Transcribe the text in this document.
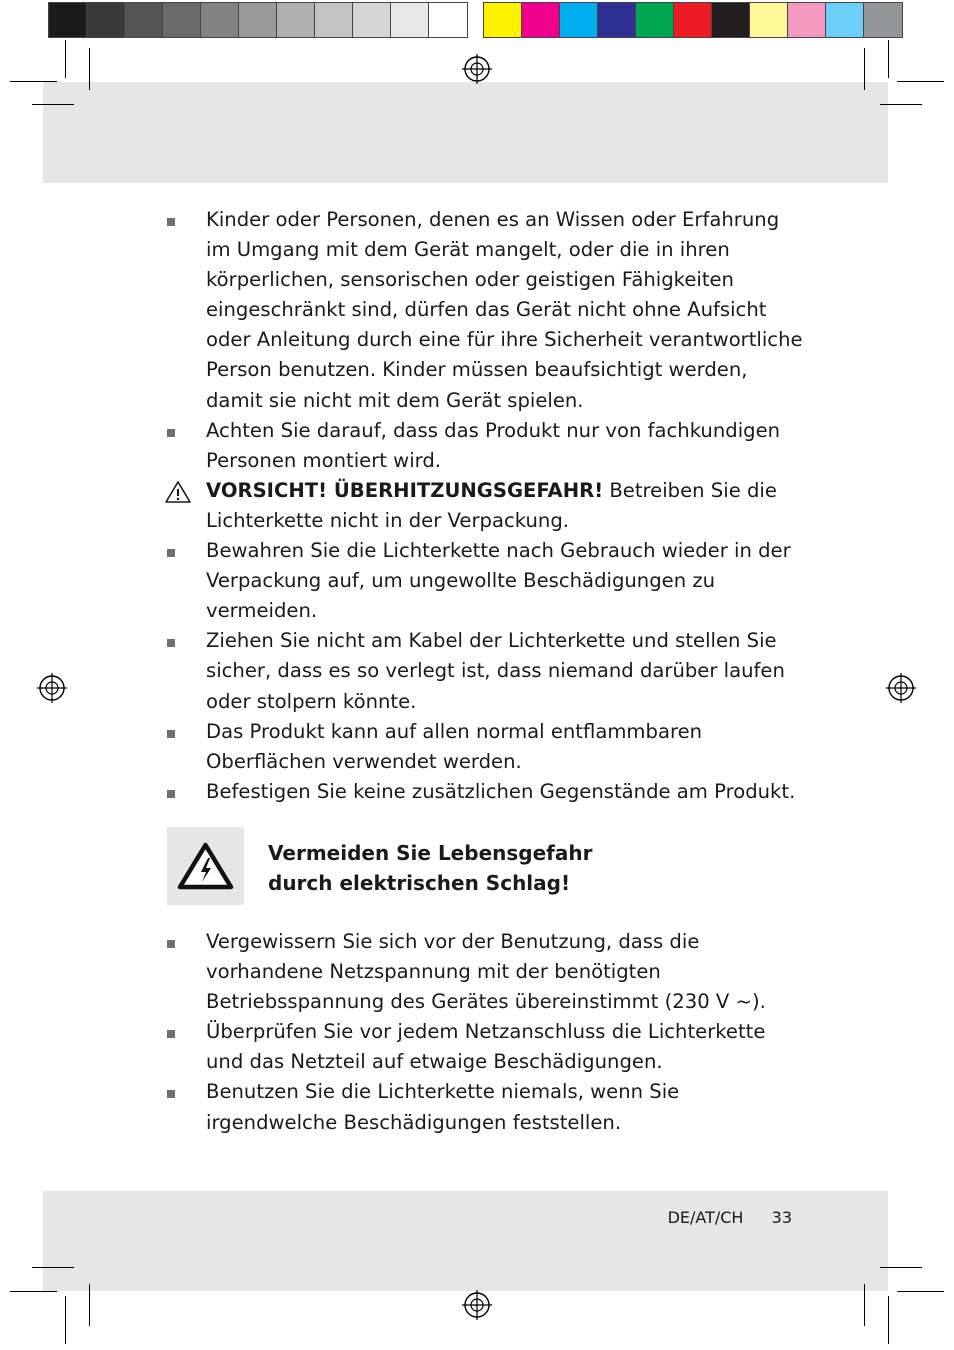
Kinder oder Personen, denen es an Wissen oder Erfahrung im Umgang mit dem Gerät mangelt, oder die in ihren körperlichen, sensorischen oder geistigen Fähigkeiten eingeschränkt sind, dürfen das Gerät nicht ohne Aufsicht oder Anleitung durch eine für ihre Sicherheit verantwortliche Person benutzen. Kinder müssen beaufsichtigt werden, damit sie nicht mit dem Gerät spielen.
Achten Sie darauf, dass das Produkt nur von fachkundigen Personen montiert wird.
VORSICHT! ÜBERHITZUNGSGEFAHR! Betreiben Sie die Lichterkette nicht in der Verpackung.
Bewahren Sie die Lichterkette nach Gebrauch wieder in der Verpackung auf, um ungewollte Beschädigungen zu vermeiden.
Ziehen Sie nicht am Kabel der Lichterkette und stellen Sie sicher, dass es so verlegt ist, dass niemand darüber laufen oder stolpern könnte.
Das Produkt kann auf allen normal entflammbaren Oberflächen verwendet werden.
Befestigen Sie keine zusätzlichen Gegenstände am Produkt.
Vermeiden Sie Lebensgefahr
durch elektrischen Schlag!
Vergewissern Sie sich vor der Benutzung, dass die vorhandene Netzspannung mit der benötigten Betriebsspannung des Gerätes übereinstimmt (230 V ~).
Überprüfen Sie vor jedem Netzanschluss die Lichterkette und das Netzteil auf etwaige Beschädigungen.
Benutzen Sie die Lichterkette niemals, wenn Sie irgendwelche Beschädigungen feststellen.
DE/AT/CH 33
